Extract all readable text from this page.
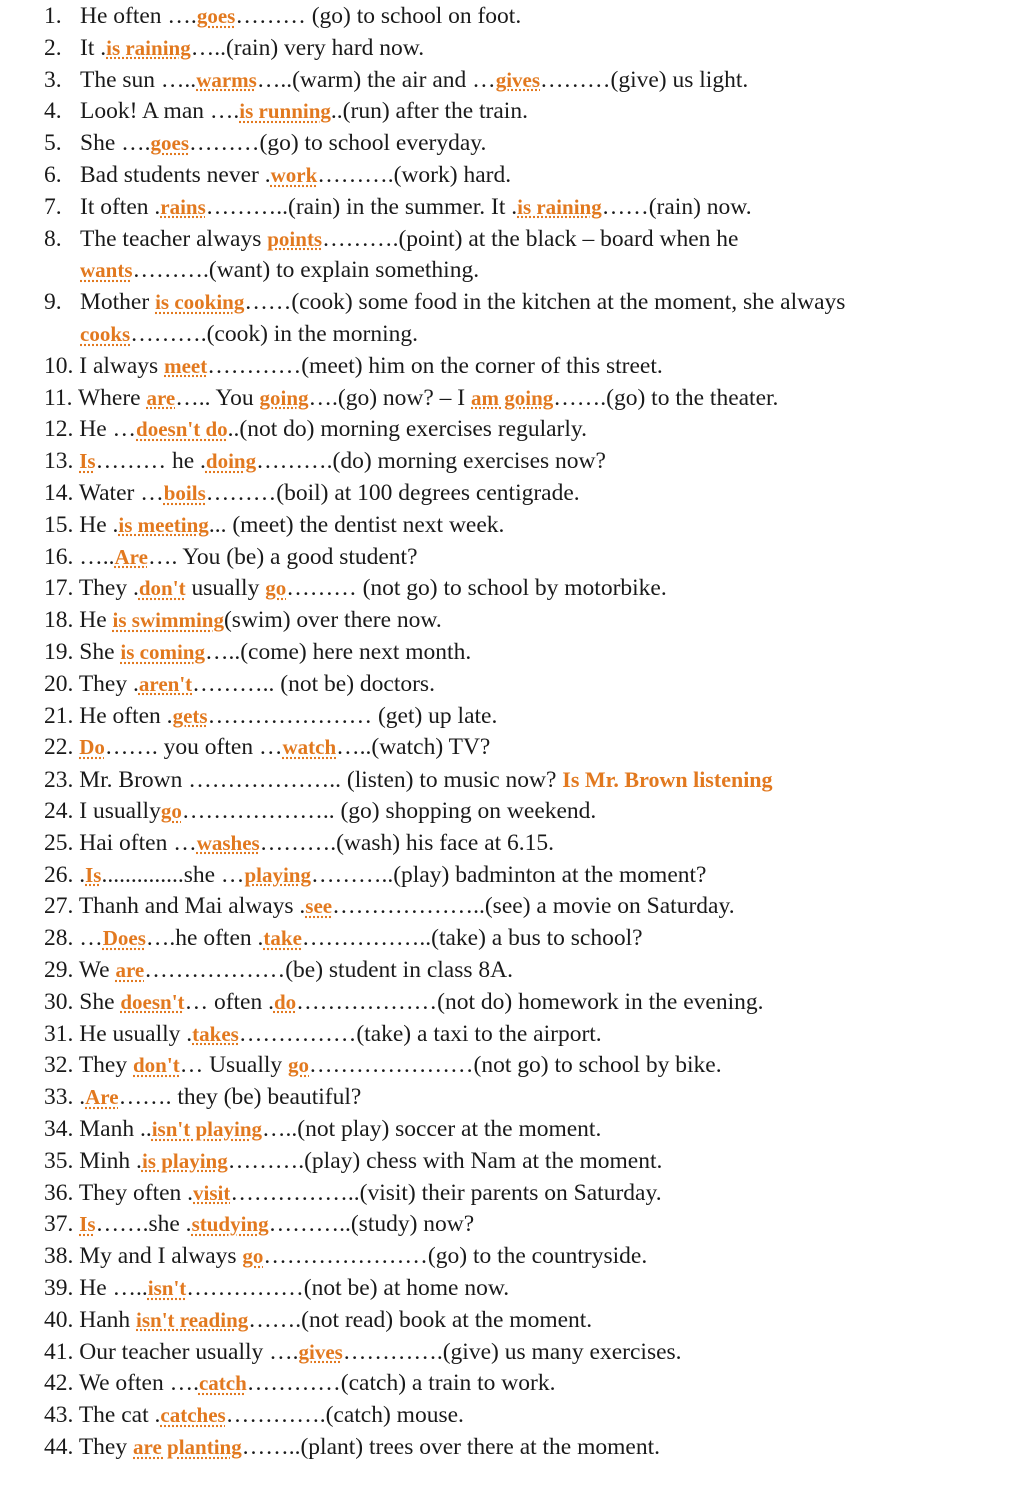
1. He often ….goes……… (go) to school on foot.
2. It .is raining…..(rain) very hard now.
3. The sun …..warms…..(warm) the air and …gives………(give) us light.
4. Look! A man ….is running..(run) after the train.
5. She ….goes………(go) to school everyday.
6. Bad students never .work……….(work) hard.
7. It often .rains………..(rain) in the summer. It .is raining……(rain) now.
8. The teacher always points……….(point) at the black – board when he
wants……….(want) to explain something.
9. Mother is cooking……(cook) some food in the kitchen at the moment, she always
cooks……….(cook) in the morning.
10. I always meet…………(meet) him on the corner of this street.
11. Where are….. You going….(go) now? – I am going…….(go) to the theater.
12. He …doesn't do..(not do) morning exercises regularly.
13. Is……… he .doing……….(do) morning exercises now?
14. Water …boils………(boil) at 100 degrees centigrade.
15. He .is meeting... (meet) the dentist next week.
16. …..Are…. You (be) a good student?
17. They .don't usually go……… (not go) to school by motorbike.
18. He is swimming(swim) over there now.
19. She is coming…..(come) here next month.
20. They .aren't……….. (not be) doctors.
21. He often .gets………………… (get) up late.
22. Do……. you often …watch…..(watch) TV?
23. Mr. Brown ……………….. (listen) to music now? Is Mr. Brown listening
24. I usuallygo……………….. (go) shopping on weekend.
25. Hai often …washes……….(wash) his face at 6.15.
26. .Is..............she …playing………..(play) badminton at the moment?
27. Thanh and Mai always .see………………..(see) a movie on Saturday.
28. …Does….he often .take……………..(take) a bus to school?
29. We are………………(be) student in class 8A.
30. She doesn't… often .do………………(not do) homework in the evening.
31. He usually .takes……………(take) a taxi to the airport.
32. They don't… Usually go…………………(not go) to school by bike.
33. .Are……. they (be) beautiful?
34. Manh ..isn't playing…..(not play) soccer at the moment.
35. Minh .is playing……….(play) chess with Nam at the moment.
36. They often .visit……………..(visit) their parents on Saturday.
37. Is…….she .studying………..(study) now?
38. My and I always go…………………(go) to the countryside.
39. He …..isn't……………(not be) at home now.
40. Hanh isn't reading…….(not read) book at the moment.
41. Our teacher usually ….gives………….(give) us many exercises.
42. We often ….catch…………(catch) a train to work.
43. The cat .catches………….(catch) mouse.
44. They are planting……..(plant) trees over there at the moment.
